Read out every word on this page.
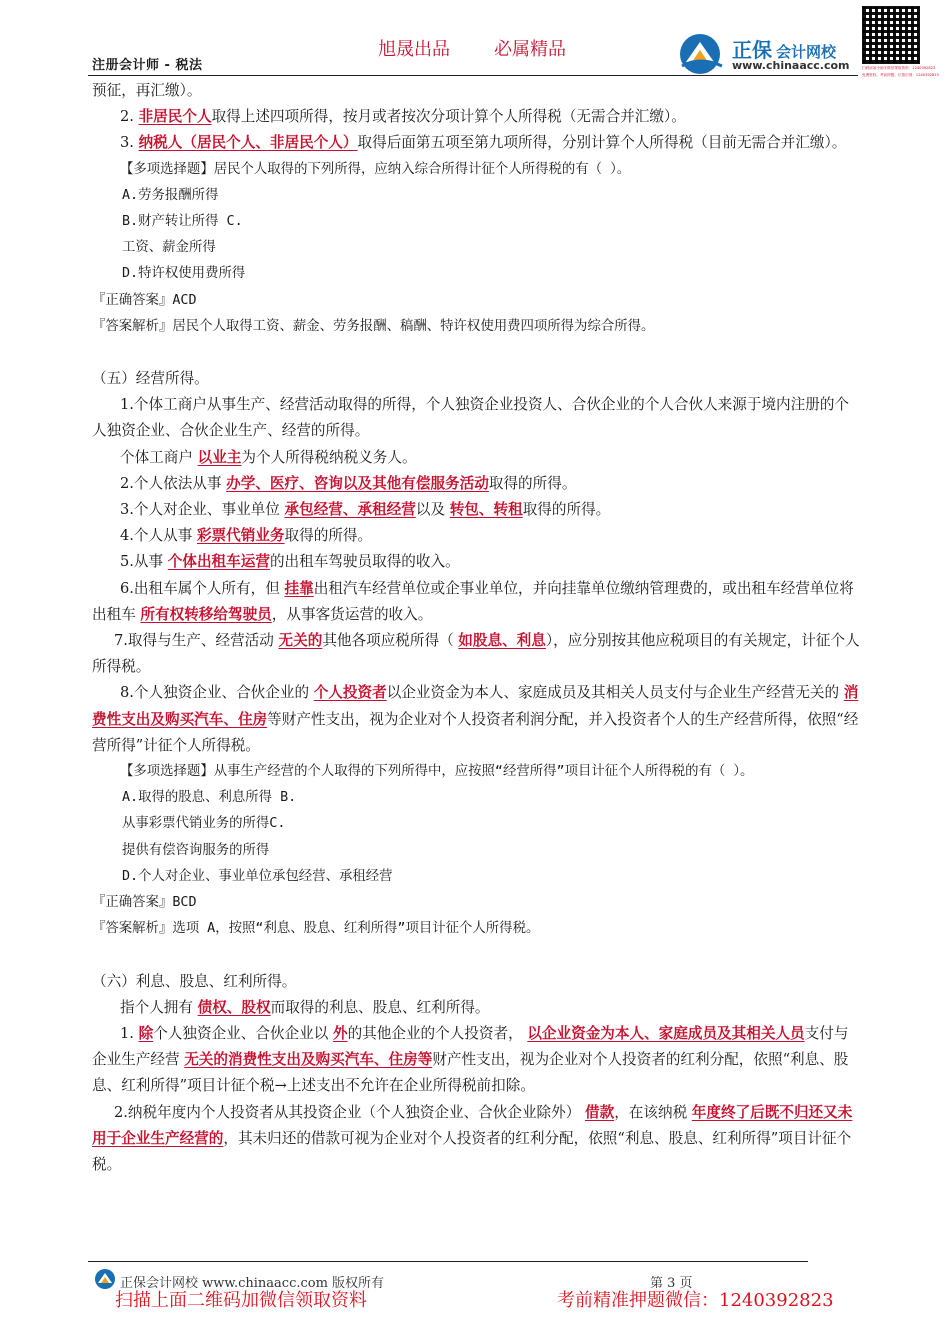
注册会计师 - 税法
旭晟出品 必属精品	正保 会计网校
www.chinaacc.com	扫码添加小助手微信领取资料：1240392823
免费资料，考前押题，长按识别：1240392823

预征，再汇缴）。

2. 非居民个人取得上述四项所得，按月或者按次分项计算个人所得税（无需合并汇缴）。

3. 纳税人（居民个人、非居民个人）取得后面第五项至第九项所得，分别计算个人所得税（目前无需合并汇缴）。

【多项选择题】居民个人取得的下列所得，应纳入综合所得计征个人所得税的有（ ）。

A.劳务报酬所得

B.财产转让所得 C.

工资、薪金所得

D.特许权使用费所得

『正确答案』ACD

『答案解析』居民个人取得工资、薪金、劳务报酬、稿酬、特许权使用费四项所得为综合所得。

（五）经营所得。

1.个体工商户从事生产、经营活动取得的所得，个人独资企业投资人、合伙企业的个人合伙人来源于境内注册的个人独资企业、合伙企业生产、经营的所得。

个体工商户 以业主为个人所得税纳税义务人。

2.个人依法从事 办学、医疗、咨询以及其他有偿服务活动取得的所得。

3.个人对企业、事业单位 承包经营、承租经营以及 转包、转租取得的所得。

4.个人从事 彩票代销业务取得的所得。

5.从事 个体出租车运营的出租车驾驶员取得的收入。

6.出租车属个人所有，但 挂靠出租汽车经营单位或企事业单位，并向挂靠单位缴纳管理费的，或出租车经营单位将出租车 所有权转移给驾驶员，从事客货运营的收入。

7.取得与生产、经营活动 无关的其他各项应税所得（ 如股息、利息），应分别按其他应税项目的有关规定，计征个人所得税。

8.个人独资企业、合伙企业的 个人投资者以企业资金为本人、家庭成员及其相关人员支付与企业生产经营无关的 消费性支出及购买汽车、住房等财产性支出，视为企业对个人投资者利润分配，并入投资者个人的生产经营所得，依照“经营所得”计征个人所得税。

【多项选择题】从事生产经营的个人取得的下列所得中，应按照“经营所得”项目计征个人所得税的有（ ）。

A.取得的股息、利息所得 B.

从事彩票代销业务的所得C.

提供有偿咨询服务的所得

D.个人对企业、事业单位承包经营、承租经营

『正确答案』BCD

『答案解析』选项 A，按照“利息、股息、红利所得”项目计征个人所得税。

（六）利息、股息、红利所得。

指个人拥有 债权、股权而取得的利息、股息、红利所得。

1. 除个人独资企业、合伙企业以 外的其他企业的个人投资者， 以企业资金为本人、家庭成员及其相关人员支付与企业生产经营 无关的消费性支出及购买汽车、住房等财产性支出，视为企业对个人投资者的红利分配，依照“利息、股息、红利所得”项目计征个税→上述支出不允许在企业所得税前扣除。

2.纳税年度内个人投资者从其投资企业（个人独资企业、合伙企业除外） 借款，在该纳税 年度终了后既不归还又未用于企业生产经营的，其未归还的借款可视为企业对个人投资者的红利分配，依照“利息、股息、红利所得”项目计征个税。

正保会计网校 www.chinaacc.com 版权所有	第 3 页
扫描上面二维码加微信领取资料	考前精准押题微信：1240392823
